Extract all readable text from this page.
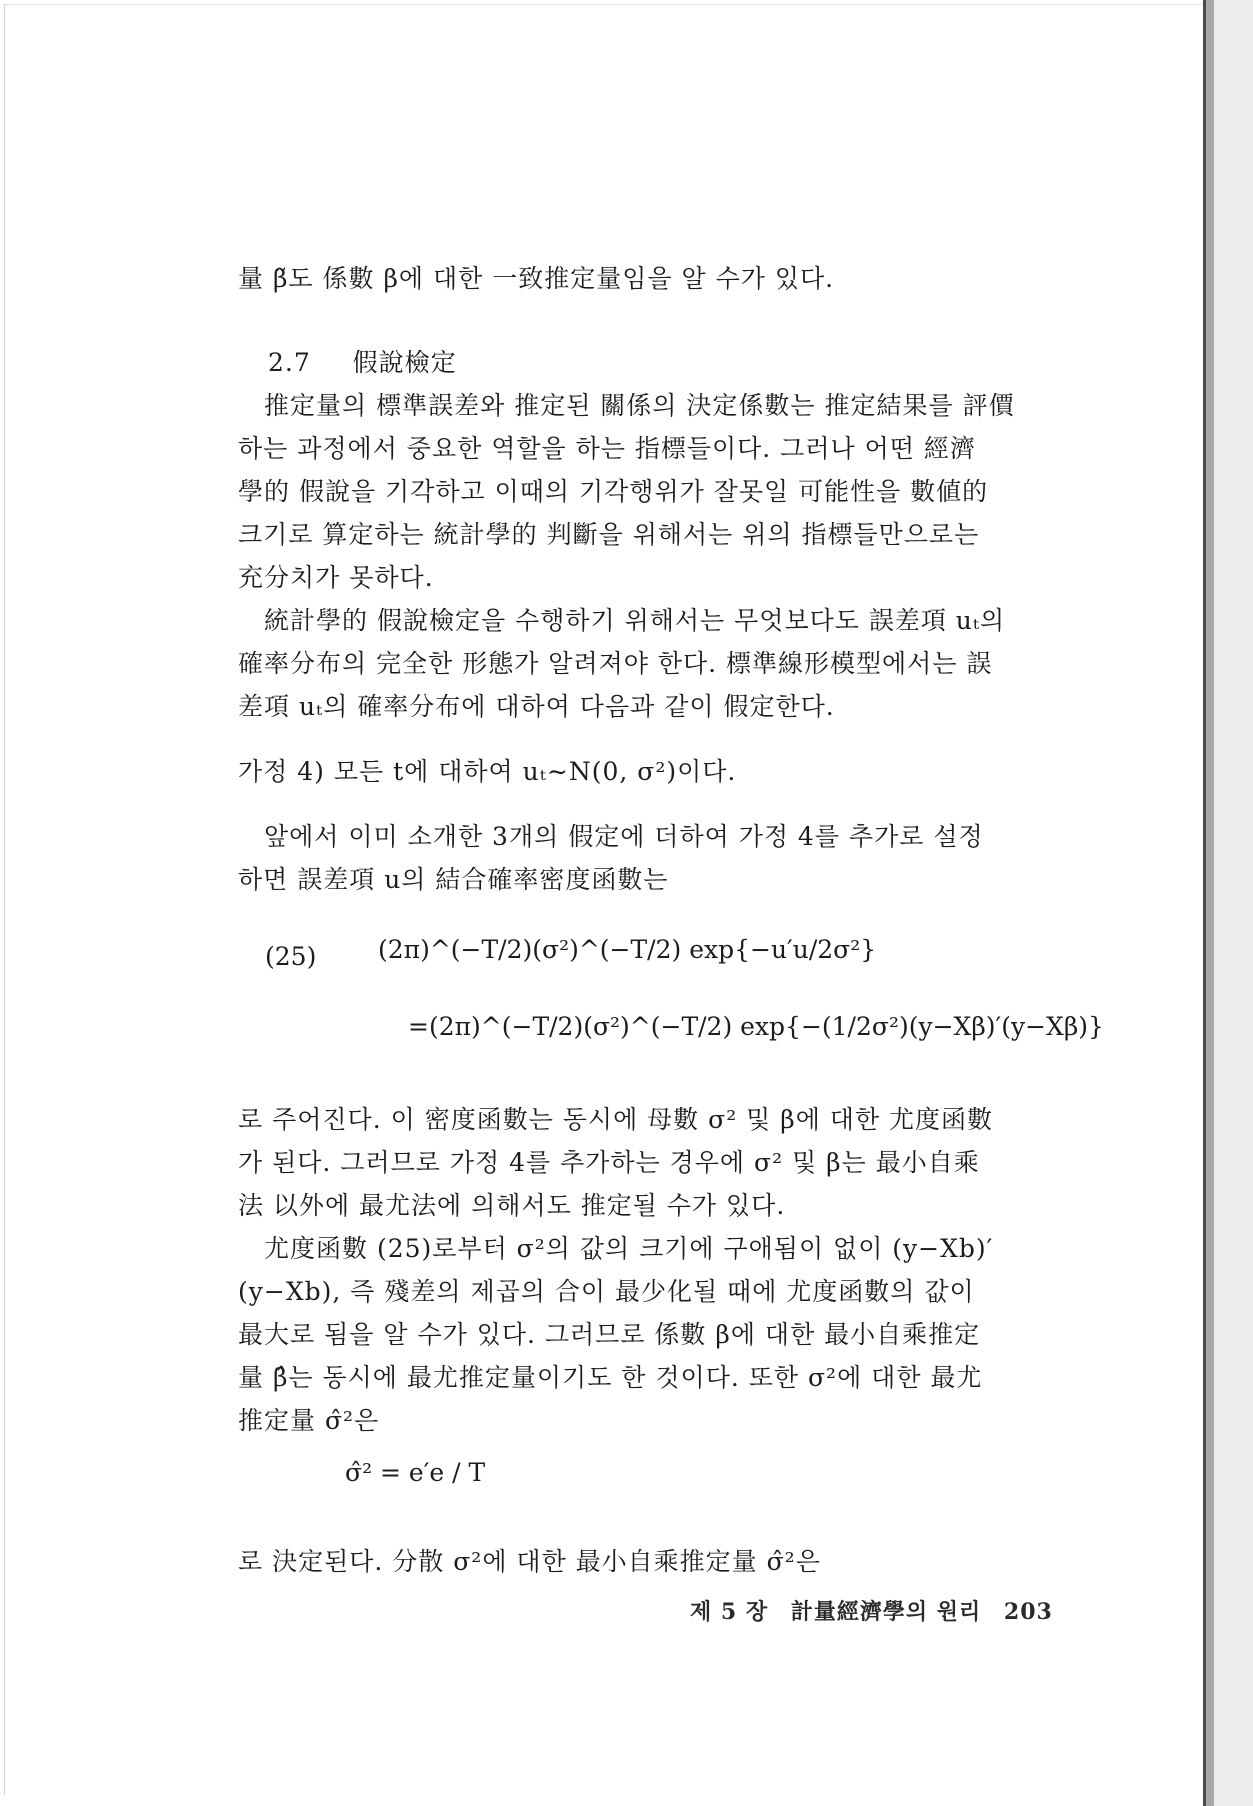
量 β̃도 係數 β에 대한 一致推定量임을 알 수가 있다.
2.7 假說檢定
推定量의 標準誤差와 推定된 關係의 決定係數는 推定結果를 評價
하는 과정에서 중요한 역할을 하는 指標들이다. 그러나 어떤 經濟
學的 假說을 기각하고 이때의 기각행위가 잘못일 可能性을 數値的
크기로 算定하는 統計學的 判斷을 위해서는 위의 指標들만으로는
充分치가 못하다.
統計學的 假說檢定을 수행하기 위해서는 무엇보다도 誤差項 uₜ의
確率分布의 完全한 形態가 알려져야 한다. 標準線形模型에서는 誤
差項 uₜ의 確率分布에 대하여 다음과 같이 假定한다.
가정 4) 모든 t에 대하여 uₜ∼N(0, σ²)이다.
앞에서 이미 소개한 3개의 假定에 더하여 가정 4를 추가로 설정
하면 誤差項 u의 結合確率密度函數는
(25) (2π)^(−T/2)(σ²)^(−T/2) exp{−u′u/2σ²}
=(2π)^(−T/2)(σ²)^(−T/2) exp{−(1/2σ²)(y−Xβ)′(y−Xβ)}
로 주어진다. 이 密度函數는 동시에 母數 σ² 및 β에 대한 尤度函數
가 된다. 그러므로 가정 4를 추가하는 경우에 σ² 및 β는 最小自乘
法 以外에 最尤法에 의해서도 推定될 수가 있다.
尤度函數 (25)로부터 σ²의 값의 크기에 구애됨이 없이 (y−Xb)′
(y−Xb), 즉 殘差의 제곱의 合이 最少化될 때에 尤度函數의 값이
最大로 됨을 알 수가 있다. 그러므로 係數 β에 대한 最小自乘推定
量 β̂는 동시에 最尤推定量이기도 한 것이다. 또한 σ²에 대한 最尤
推定量 σ̂²은
σ̂² = e′e / T
로 決定된다. 分散 σ²에 대한 最小自乘推定量 σ̂²은
제 5 장 計量經濟學의 원리 203
